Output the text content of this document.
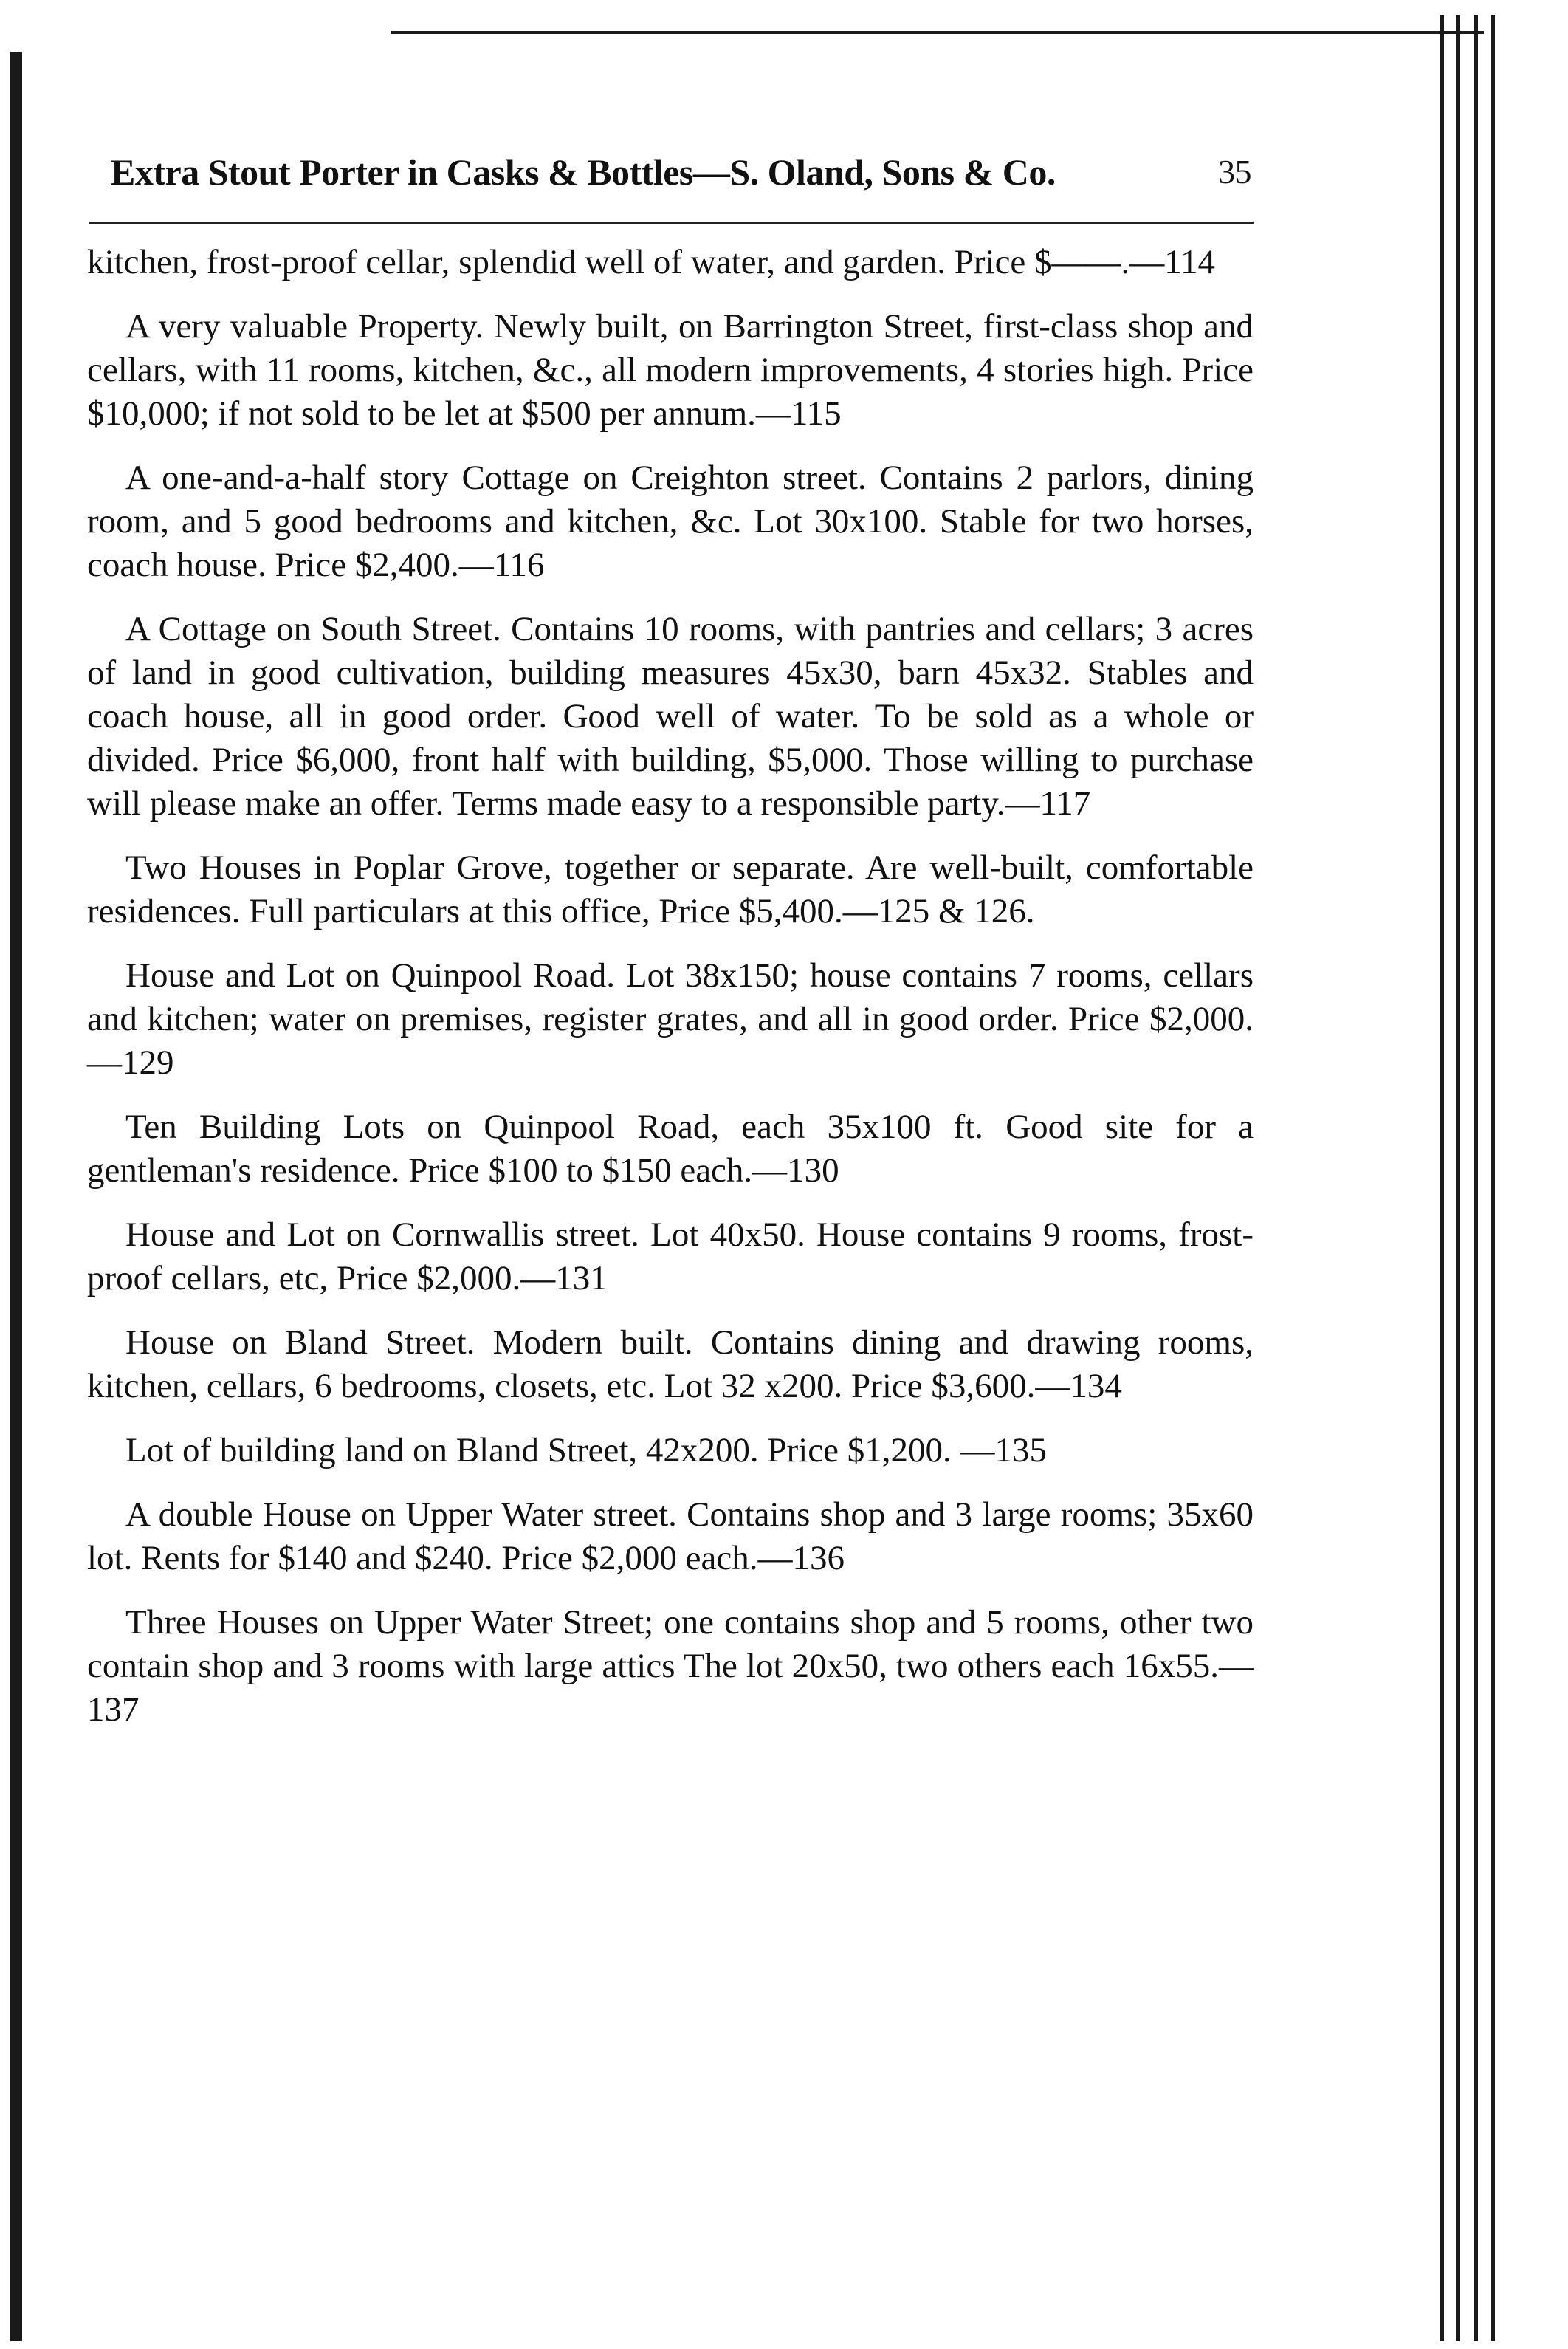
Extra Stout Porter in Casks & Bottles—S. Oland, Sons & Co.	35

kitchen, frost-proof cellar, splendid well of water, and garden. Price $——.—114

A very valuable Property. Newly built, on Barrington Street, first-class shop and cellars, with 11 rooms, kitchen, &c., all modern improvements, 4 stories high. Price $10,000; if not sold to be let at $500 per annum.—115

A one-and-a-half story Cottage on Creighton street. Contains 2 parlors, dining room, and 5 good bedrooms and kitchen, &c. Lot 30x100. Stable for two horses, coach house. Price $2,400.—116

A Cottage on South Street. Contains 10 rooms, with pantries and cellars; 3 acres of land in good cultivation, building measures 45x30, barn 45x32. Stables and coach house, all in good order. Good well of water. To be sold as a whole or divided. Price $6,000, front half with building, $5,000. Those willing to purchase will please make an offer. Terms made easy to a responsible party.—117

Two Houses in Poplar Grove, together or separate. Are well-built, comfortable residences. Full particulars at this office, Price $5,400.—125 & 126.

House and Lot on Quinpool Road. Lot 38x150; house contains 7 rooms, cellars and kitchen; water on premises, register grates, and all in good order. Price $2,000.—129

Ten Building Lots on Quinpool Road, each 35x100 ft. Good site for a gentleman's residence. Price $100 to $150 each.—130

House and Lot on Cornwallis street. Lot 40x50. House contains 9 rooms, frost-proof cellars, etc, Price $2,000.—131

House on Bland Street. Modern built. Contains dining and drawing rooms, kitchen, cellars, 6 bedrooms, closets, etc. Lot 32 x200. Price $3,600.—134

Lot of building land on Bland Street, 42x200. Price $1,200. —135

A double House on Upper Water street. Contains shop and 3 large rooms; 35x60 lot. Rents for $140 and $240. Price $2,000 each.—136

Three Houses on Upper Water Street; one contains shop and 5 rooms, other two contain shop and 3 rooms with large attics The lot 20x50, two others each 16x55.—137
